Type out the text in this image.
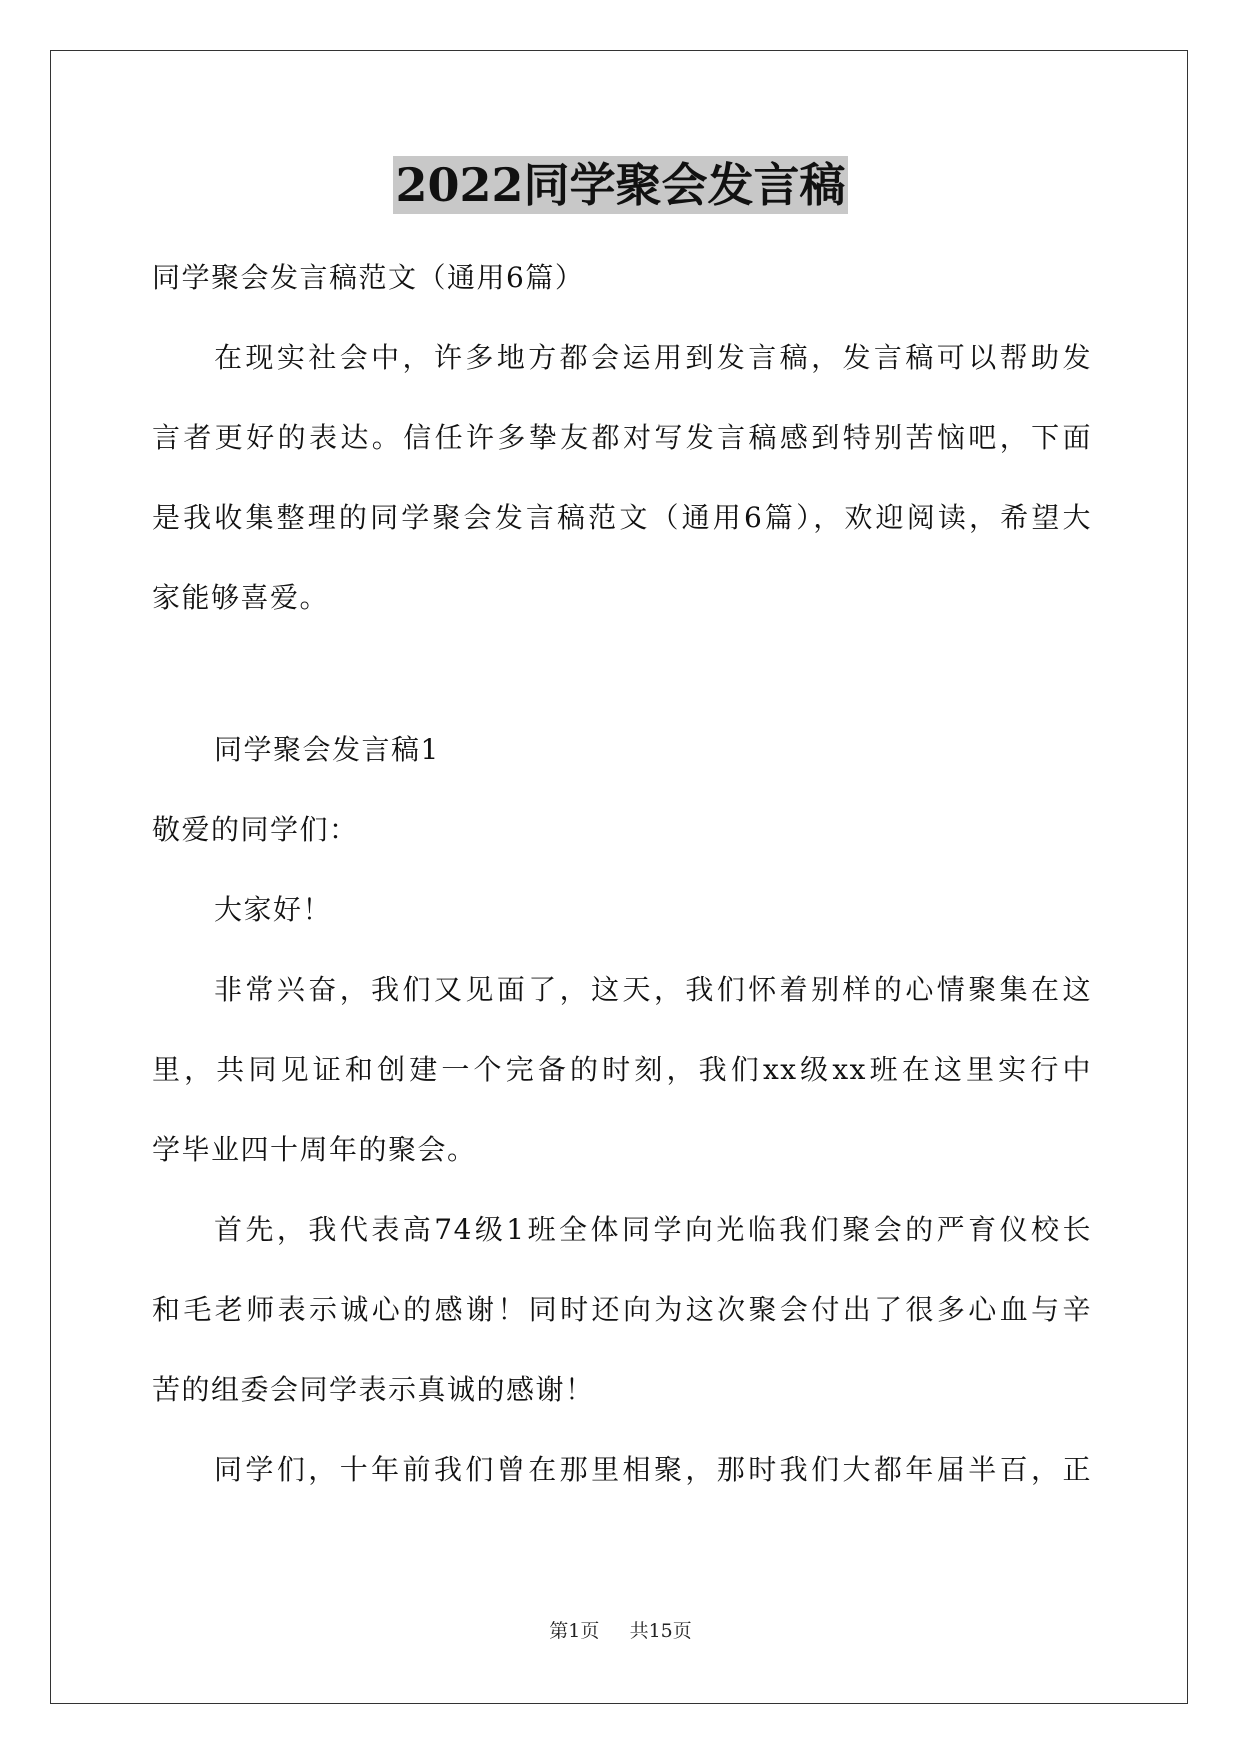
2022同学聚会发言稿
同学聚会发言稿范文（通用6篇）
在现实社会中，许多地方都会运用到发言稿，发言稿可以帮助发
言者更好的表达。信任许多挚友都对写发言稿感到特别苦恼吧，下面
是我收集整理的同学聚会发言稿范文（通用6篇），欢迎阅读，希望大
家能够喜爱。
同学聚会发言稿1
敬爱的同学们：
大家好！
非常兴奋，我们又见面了，这天，我们怀着别样的心情聚集在这
里，共同见证和创建一个完备的时刻，我们xx级xx班在这里实行中
学毕业四十周年的聚会。
首先，我代表高74级1班全体同学向光临我们聚会的严育仪校长
和毛老师表示诚心的感谢！同时还向为这次聚会付出了很多心血与辛
苦的组委会同学表示真诚的感谢！
同学们，十年前我们曾在那里相聚，那时我们大都年届半百，正
第1页 共15页
